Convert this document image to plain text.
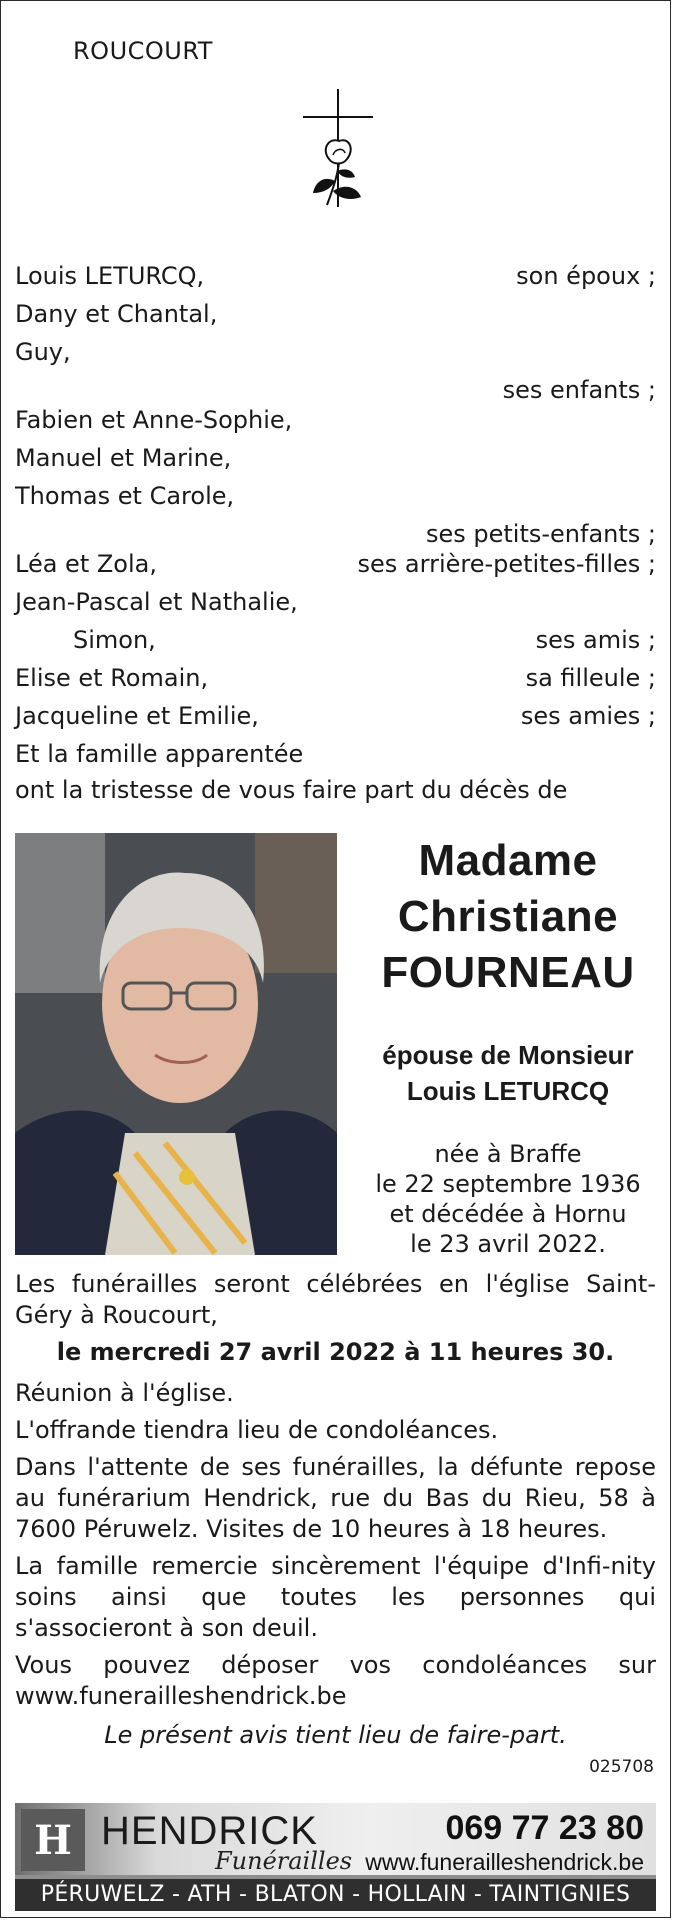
ROUCOURT
Louis LETURCQ,	son époux ;
Dany et Chantal,
Guy,
ses enfants ;
Fabien et Anne-Sophie,
Manuel et Marine,
Thomas et Carole,
ses petits-enfants ;
Léa et Zola,	ses arrière-petites-filles ;
Jean-Pascal et Nathalie,
Simon,	ses amis ;
Elise et Romain,	sa filleule ;
Jacqueline et Emilie,	ses amies ;
Et la famille apparentée
ont la tristesse de vous faire part du décès de
Madame
Christiane
FOURNEAU
épouse de Monsieur
Louis LETURCQ
née à Braffe
le 22 septembre 1936
et décédée à Hornu
le 23 avril 2022.

Les funérailles seront célébrées en l'église Saint-Géry à Roucourt,

le mercredi 27 avril 2022 à 11 heures 30.

Réunion à l'église.

L'offrande tiendra lieu de condoléances.

Dans l'attente de ses funérailles, la défunte repose au funérarium Hendrick, rue du Bas du Rieu, 58 à 7600 Péruwelz. Visites de 10 heures à 18 heures.

La famille remercie sincèrement l'équipe d'Infi-nity soins ainsi que toutes les personnes qui s'associeront à son deuil.

Vous pouvez déposer vos condoléances sur www.funerailleshendrick.be

Le présent avis tient lieu de faire-part.

025708
H HENDRICK
Funérailles
069 77 23 80
www.funerailleshendrick.be
PÉRUWELZ - ATH - BLATON - HOLLAIN - TAINTIGNIES
